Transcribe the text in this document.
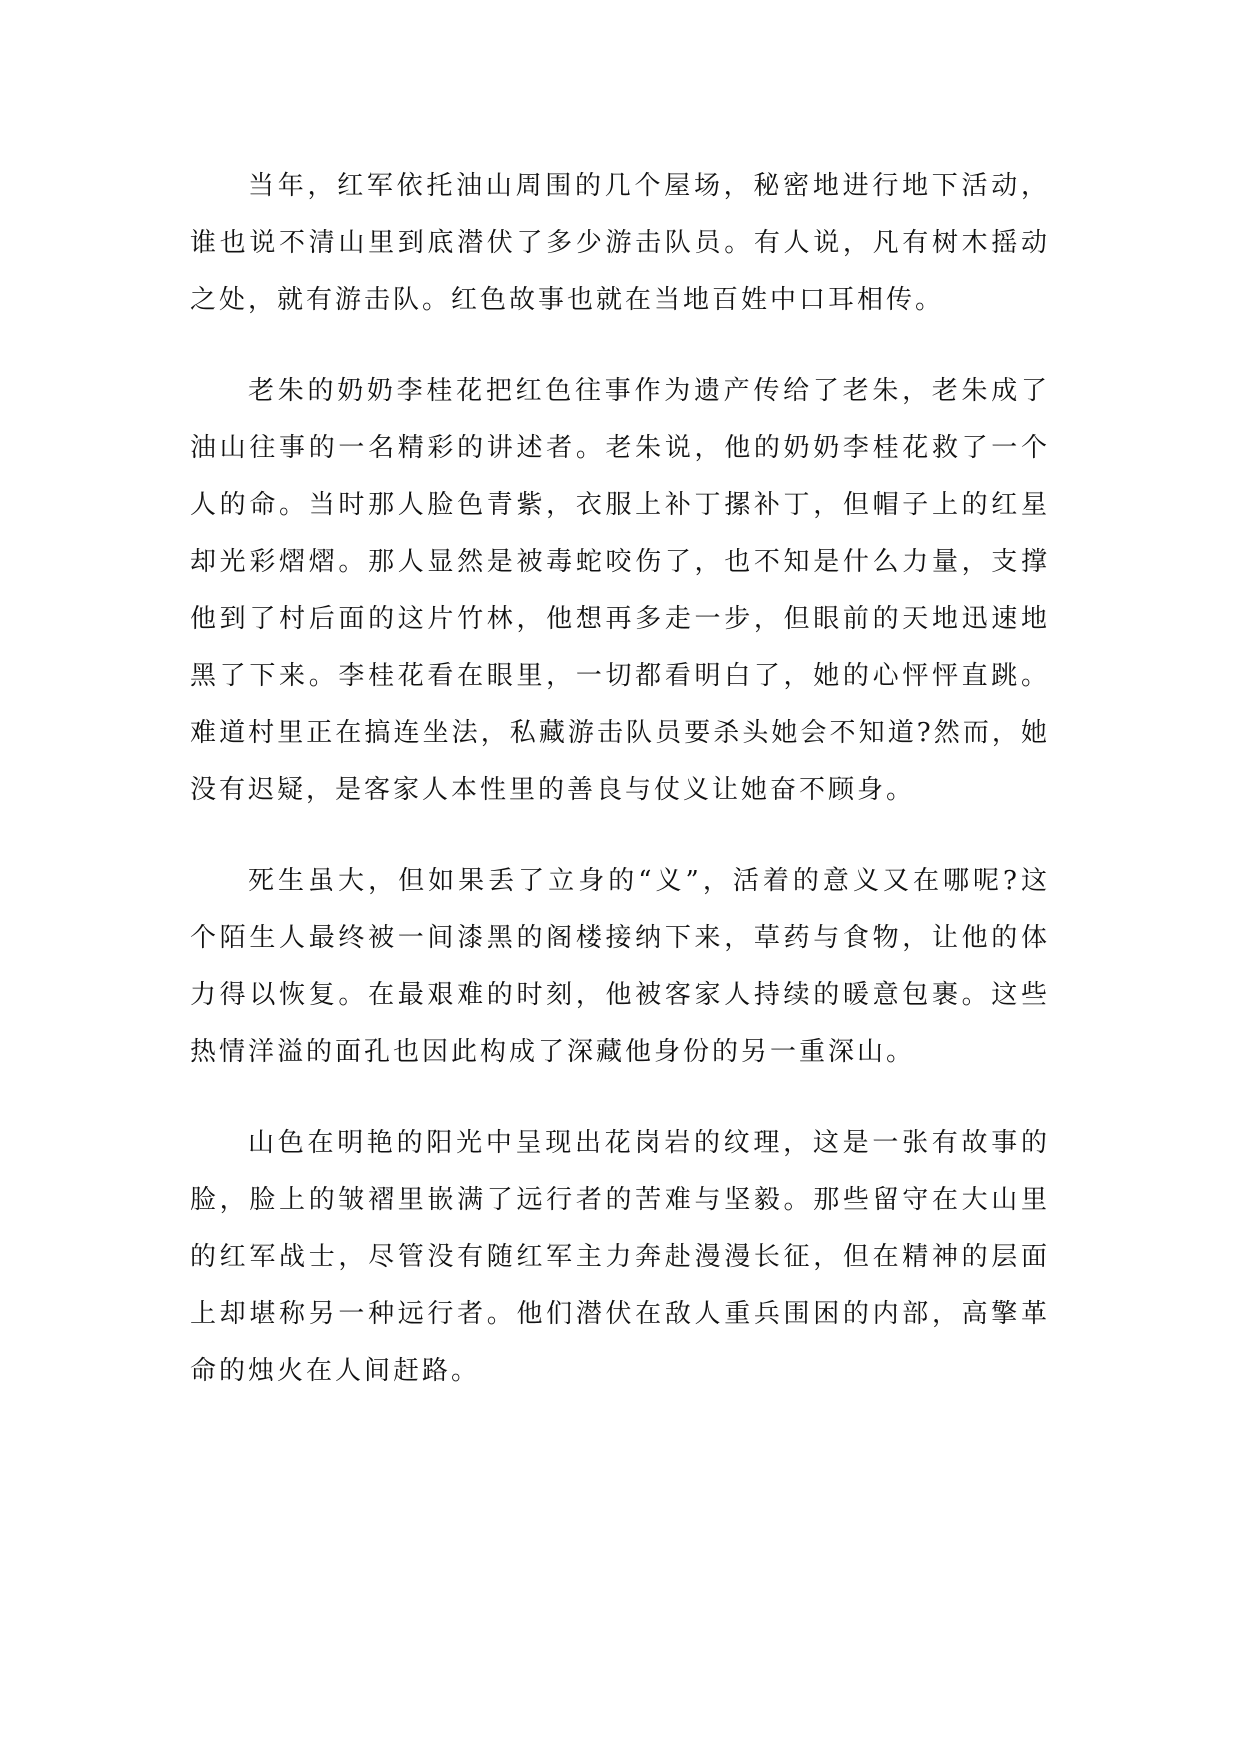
当年，红军依托油山周围的几个屋场，秘密地进行地下活动，谁也说不清山里到底潜伏了多少游击队员。有人说，凡有树木摇动之处，就有游击队。红色故事也就在当地百姓中口耳相传。

老朱的奶奶李桂花把红色往事作为遗产传给了老朱，老朱成了油山往事的一名精彩的讲述者。老朱说，他的奶奶李桂花救了一个人的命。当时那人脸色青紫，衣服上补丁摞补丁，但帽子上的红星却光彩熠熠。那人显然是被毒蛇咬伤了，也不知是什么力量，支撑他到了村后面的这片竹林，他想再多走一步，但眼前的天地迅速地黑了下来。李桂花看在眼里，一切都看明白了，她的心怦怦直跳。难道村里正在搞连坐法，私藏游击队员要杀头她会不知道?然而，她没有迟疑，是客家人本性里的善良与仗义让她奋不顾身。

死生虽大，但如果丢了立身的“义”，活着的意义又在哪呢?这个陌生人最终被一间漆黑的阁楼接纳下来，草药与食物，让他的体力得以恢复。在最艰难的时刻，他被客家人持续的暖意包裹。这些热情洋溢的面孔也因此构成了深藏他身份的另一重深山。

山色在明艳的阳光中呈现出花岗岩的纹理，这是一张有故事的脸，脸上的皱褶里嵌满了远行者的苦难与坚毅。那些留守在大山里的红军战士，尽管没有随红军主力奔赴漫漫长征，但在精神的层面上却堪称另一种远行者。他们潜伏在敌人重兵围困的内部，高擎革命的烛火在人间赶路。
